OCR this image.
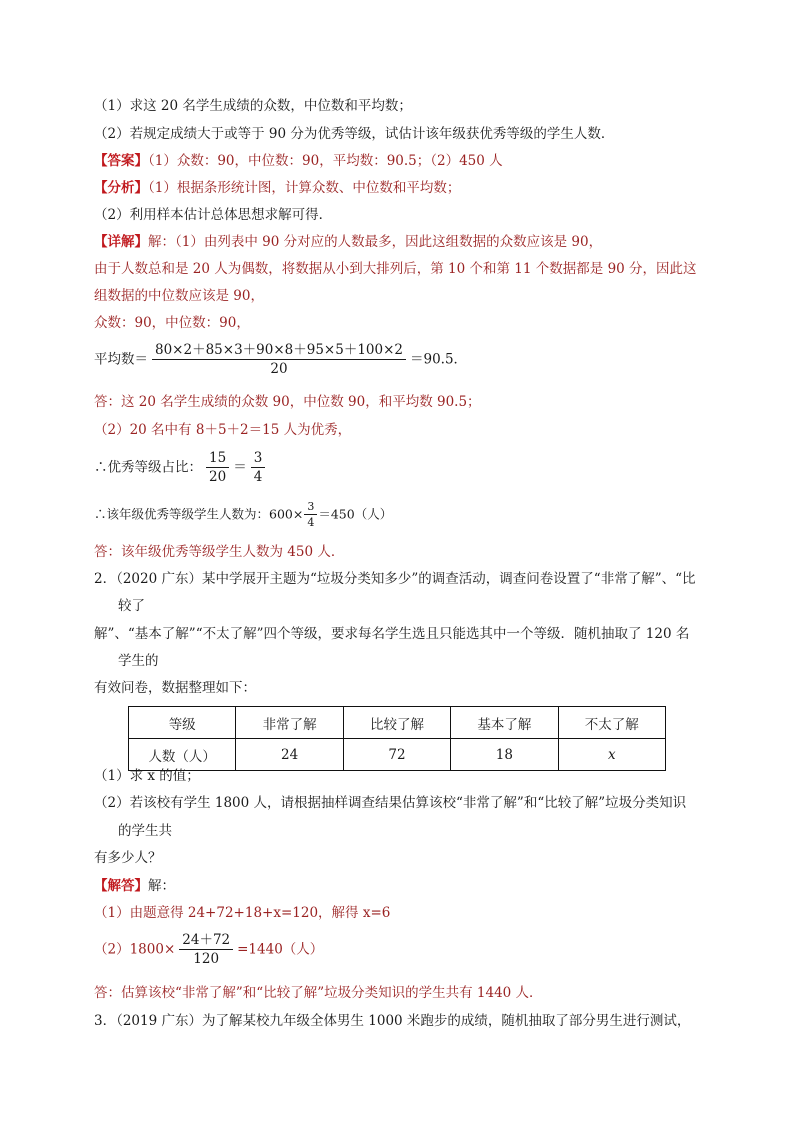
（1）求这 20 名学生成绩的众数，中位数和平均数；
（2）若规定成绩大于或等于 90 分为优秀等级，试估计该年级获优秀等级的学生人数．
【答案】（1）众数：90，中位数：90，平均数：90.5；（2）450 人
【分析】（1）根据条形统计图，计算众数、中位数和平均数；
（2）利用样本估计总体思想求解可得．
【详解】解：（1）由列表中 90 分对应的人数最多，因此这组数据的众数应该是 90，
由于人数总和是 20 人为偶数，将数据从小到大排列后，第 10 个和第 11 个数据都是 90 分，因此这
组数据的中位数应该是 90，
众数：90，中位数：90，
平均数＝ $\frac{80\times 2+85\times 3+90\times 8+95\times 5+100\times 2}{20} =90.5$．
答：这 20 名学生成绩的众数 90，中位数 90，和平均数 90.5；
（2）20 名中有 8＋5＋2＝15 人为优秀，
∴优秀等级占比： $\frac{15}{20} = \frac{3}{4}$
∴该年级优秀等级学生人数为：$600\times \frac{3}{4} =450$（人）
答：该年级优秀等级学生人数为 450 人．
2．（2020 广东）某中学展开主题为“垃圾分类知多少”的调查活动，调查问卷设置了“非常了解”、“比
较了
解”、“基本了解”“不太了解”四个等级，要求每名学生选且只能选其中一个等级．随机抽取了 120 名
学生的
有效问卷，数据整理如下：
等级	非常了解	比较了解	基本了解	不太了解
人数（人）	24	72	18	x
（1）求 x 的值；
（2）若该校有学生 1800 人，请根据抽样调查结果估算该校“非常了解”和“比较了解”垃圾分类知识
的学生共
有多少人？
【解答】解：
（1）由题意得 24+72+18+x=120，解得 x=6
$(2)1800\times \frac{24+72}{120} =1440$（人）
答：估算该校“非常了解”和“比较了解”垃圾分类知识的学生共有 1440 人．
3．（2019 广东）为了解某校九年级全体男生 1000 米跑步的成绩，随机抽取了部分男生进行测试，
